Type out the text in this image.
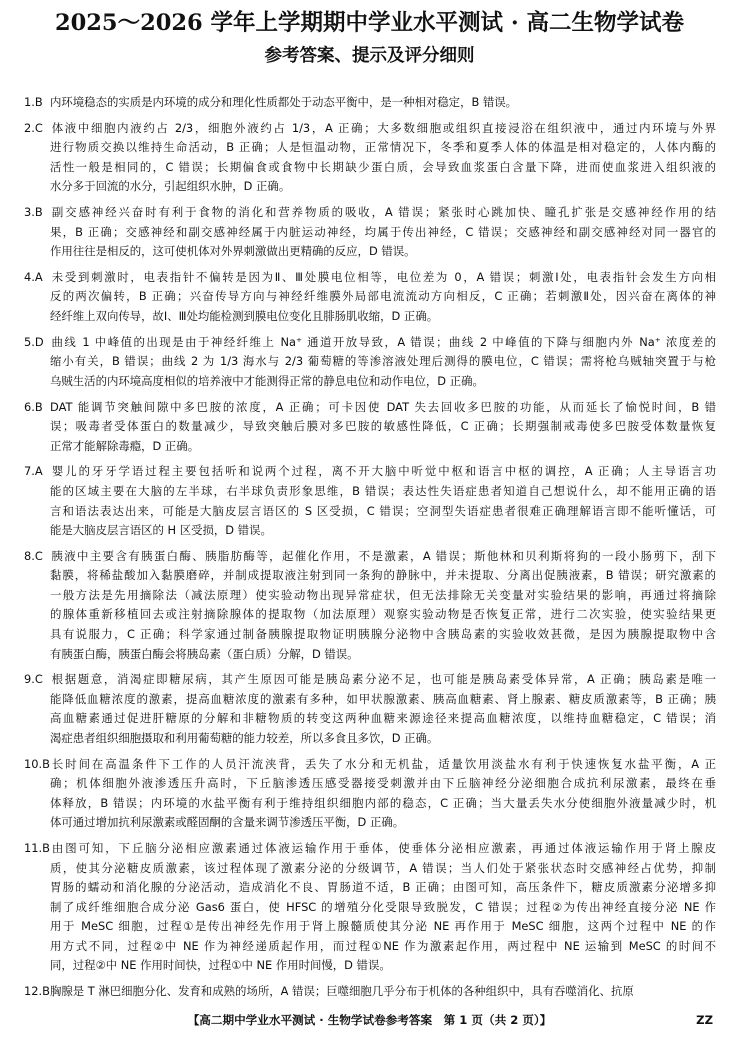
2025～2026 学年上学期期中学业水平测试 · 高二生物学试卷
参考答案、提示及评分细则
1.B 内环境稳态的实质是内环境的成分和理化性质都处于动态平衡中，是一种相对稳定，B 错误。
2.C 体液中细胞内液约占 2/3，细胞外液约占 1/3，A 正确；大多数细胞或组织直接浸浴在组织液中，通过内环境与外界
进行物质交换以维持生命活动，B 正确；人是恒温动物，正常情况下，冬季和夏季人体的体温是相对稳定的，人体内酶的
活性一般是相同的，C 错误；长期偏食或食物中长期缺少蛋白质，会导致血浆蛋白含量下降，进而使血浆进入组织液的
水分多于回流的水分，引起组织水肿，D 正确。
3.B 副交感神经兴奋时有利于食物的消化和营养物质的吸收，A 错误；紧张时心跳加快、瞳孔扩张是交感神经作用的结
果，B 正确；交感神经和副交感神经属于内脏运动神经，均属于传出神经，C 错误；交感神经和副交感神经对同一器官的
作用往往是相反的，这可使机体对外界刺激做出更精确的反应，D 错误。
4.A 未受到刺激时，电表指针不偏转是因为Ⅱ、Ⅲ处膜电位相等，电位差为 0，A 错误；刺激Ⅰ处，电表指针会发生方向相
反的两次偏转，B 正确；兴奋传导方向与神经纤维膜外局部电流流动方向相反，C 正确；若刺激Ⅱ处，因兴奋在离体的神
经纤维上双向传导，故Ⅰ、Ⅲ处均能检测到膜电位变化且腓肠肌收缩，D 正确。
5.D 曲线 1 中峰值的出现是由于神经纤维上 Na⁺ 通道开放导致，A 错误；曲线 2 中峰值的下降与细胞内外 Na⁺ 浓度差的
缩小有关，B 错误；曲线 2 为 1/3 海水与 2/3 葡萄糖的等渗溶液处理后测得的膜电位，C 错误；需将枪乌贼轴突置于与枪
乌贼生活的内环境高度相似的培养液中才能测得正常的静息电位和动作电位，D 正确。
6.B DAT 能调节突触间隙中多巴胺的浓度，A 正确；可卡因使 DAT 失去回收多巴胺的功能，从而延长了愉悦时间，B 错
误；吸毒者受体蛋白的数量减少，导致突触后膜对多巴胺的敏感性降低，C 正确；长期强制戒毒使多巴胺受体数量恢复
正常才能解除毒瘾，D 正确。
7.A 婴儿的牙牙学语过程主要包括听和说两个过程，离不开大脑中听觉中枢和语言中枢的调控，A 正确；人主导语言功
能的区域主要在大脑的左半球，右半球负责形象思维，B 错误；表达性失语症患者知道自己想说什么，却不能用正确的语
言和语法表达出来，可能是大脑皮层言语区的 S 区受损，C 错误；空洞型失语症患者很难正确理解语言即不能听懂话，可
能是大脑皮层言语区的 H 区受损，D 错误。
8.C 胰液中主要含有胰蛋白酶、胰脂肪酶等，起催化作用，不是激素，A 错误；斯他林和贝利斯将狗的一段小肠剪下，刮下
黏膜，将稀盐酸加入黏膜磨碎，并制成提取液注射到同一条狗的静脉中，并未提取、分离出促胰液素，B 错误；研究激素的
一般方法是先用摘除法（减法原理）使实验动物出现异常症状，但无法排除无关变量对实验结果的影响，再通过将摘除
的腺体重新移植回去或注射摘除腺体的提取物（加法原理）观察实验动物是否恢复正常，进行二次实验，使实验结果更
具有说服力，C 正确；科学家通过制备胰腺提取物证明胰腺分泌物中含胰岛素的实验收效甚微，是因为胰腺提取物中含
有胰蛋白酶，胰蛋白酶会将胰岛素（蛋白质）分解，D 错误。
9.C 根据题意，消渴症即糖尿病，其产生原因可能是胰岛素分泌不足，也可能是胰岛素受体异常，A 正确；胰岛素是唯一
能降低血糖浓度的激素，提高血糖浓度的激素有多种，如甲状腺激素、胰高血糖素、肾上腺素、糖皮质激素等，B 正确；胰
高血糖素通过促进肝糖原的分解和非糖物质的转变这两种血糖来源途径来提高血糖浓度，以维持血糖稳定，C 错误；消
渴症患者组织细胞摄取和利用葡萄糖的能力较差，所以多食且多饮，D 正确。
10.B长时间在高温条件下工作的人员汗流浃背，丢失了水分和无机盐，适量饮用淡盐水有利于快速恢复水盐平衡，A 正
确；机体细胞外液渗透压升高时，下丘脑渗透压感受器接受刺激并由下丘脑神经分泌细胞合成抗利尿激素，最终在垂
体释放，B 错误；内环境的水盐平衡有利于维持组织细胞内部的稳态，C 正确；当大量丢失水分使细胞外液量减少时，机
体可通过增加抗利尿激素或醛固酮的含量来调节渗透压平衡，D 正确。
11.B由图可知，下丘脑分泌相应激素通过体液运输作用于垂体，使垂体分泌相应激素，再通过体液运输作用于肾上腺皮
质，使其分泌糖皮质激素，该过程体现了激素分泌的分级调节，A 错误；当人们处于紧张状态时交感神经占优势，抑制
胃肠的蠕动和消化腺的分泌活动，造成消化不良、胃肠道不适，B 正确；由图可知，高压条件下，糖皮质激素分泌增多抑
制了成纤维细胞合成分泌 Gas6 蛋白，使 HFSC 的增殖分化受限导致脱发，C 错误；过程②为传出神经直接分泌 NE 作
用于 MeSC 细胞，过程①是传出神经先作用于肾上腺髓质使其分泌 NE 再作用于 MeSC 细胞，这两个过程中 NE 的作
用方式不同，过程②中 NE 作为神经递质起作用，而过程①NE 作为激素起作用，两过程中 NE 运输到 MeSC 的时间不
同，过程②中 NE 作用时间快，过程①中 NE 作用时间慢，D 错误。
12.B胸腺是 T 淋巴细胞分化、发育和成熟的场所，A 错误；巨噬细胞几乎分布于机体的各种组织中，具有吞噬消化、抗原
【高二期中学业水平测试 · 生物学试卷参考答案　第 1 页（共 2 页）】	ZZ
